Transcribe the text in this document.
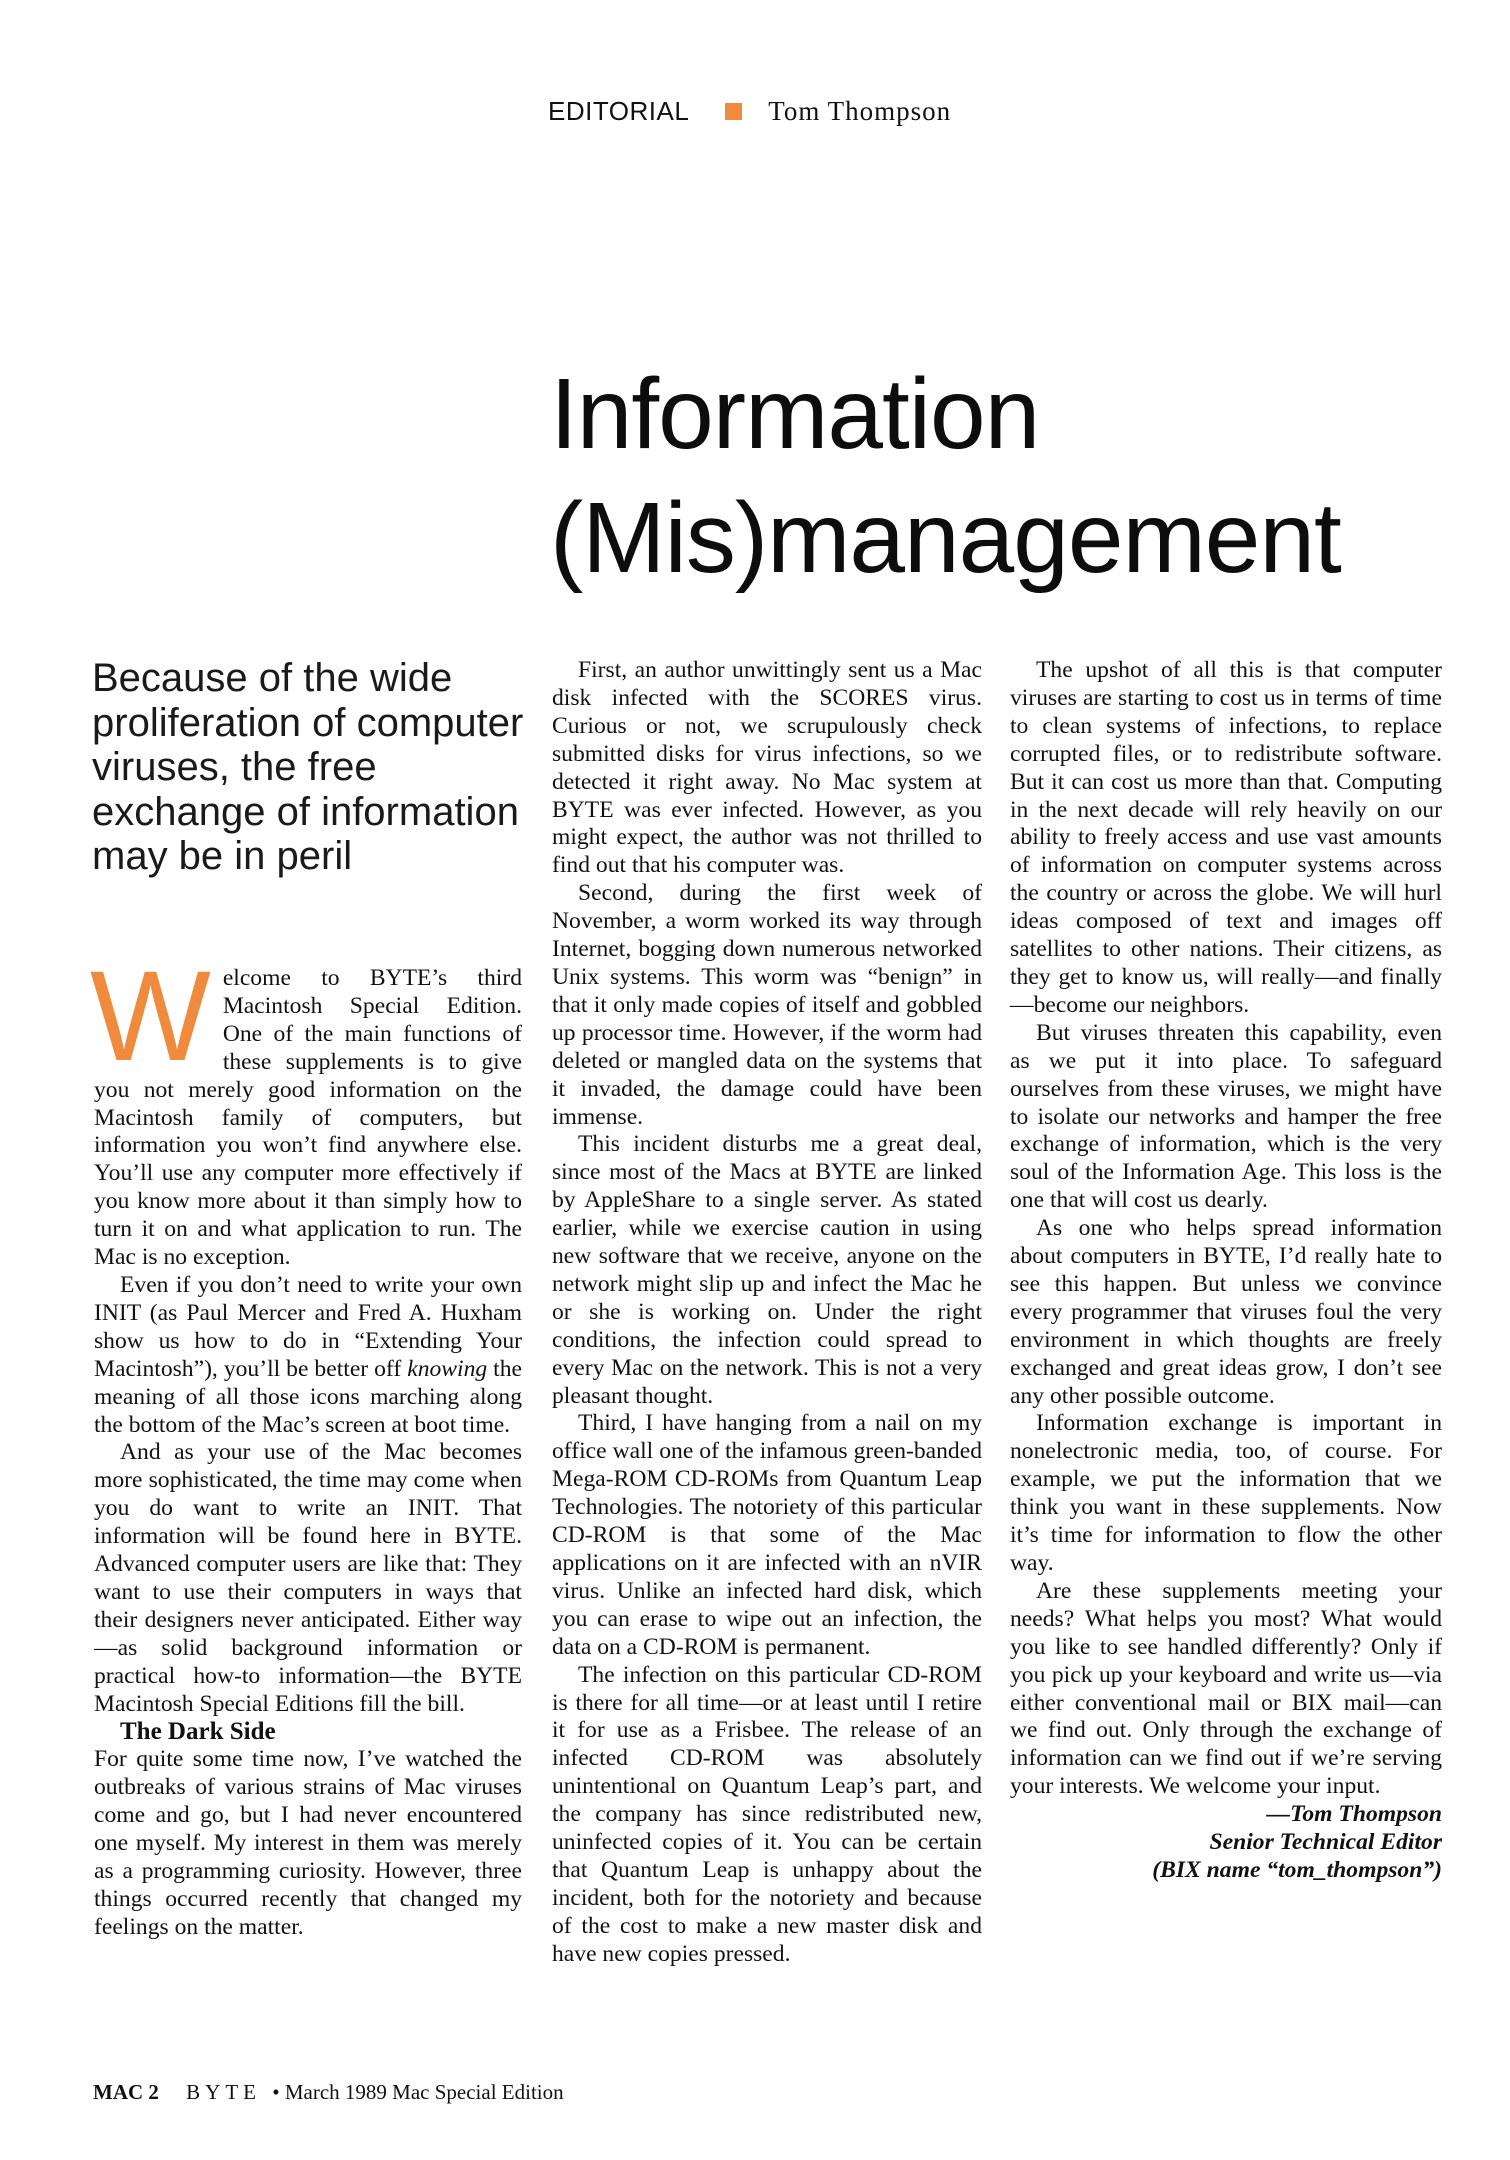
EDITORIAL	Tom Thompson
Information
(Mis)management

Because of the wide proliferation of computer viruses, the free exchange of information may be in peril

Welcome to BYTE’s third Macintosh Special Edition. One of the main functions of these supplements is to give you not merely good information on the Macintosh family of computers, but information you won’t find anywhere else. You’ll use any computer more effectively if you know more about it than simply how to turn it on and what application to run. The Mac is no exception.

Even if you don’t need to write your own INIT (as Paul Mercer and Fred A. Huxham show us how to do in “Extending Your Macintosh”), you’ll be better off knowing the meaning of all those icons marching along the bottom of the Mac’s screen at boot time.

And as your use of the Mac becomes more sophisticated, the time may come when you do want to write an INIT. That information will be found here in BYTE. Advanced computer users are like that: They want to use their computers in ways that their designers never anticipated. Either way—as solid background information or practical how-to information—the BYTE Macintosh Special Editions fill the bill.

The Dark Side

For quite some time now, I’ve watched the outbreaks of various strains of Mac viruses come and go, but I had never encountered one myself. My interest in them was merely as a programming curiosity. However, three things occurred recently that changed my feelings on the matter.

First, an author unwittingly sent us a Mac disk infected with the SCORES virus. Curious or not, we scrupulously check submitted disks for virus infections, so we detected it right away. No Mac system at BYTE was ever infected. However, as you might expect, the author was not thrilled to find out that his computer was.

Second, during the first week of November, a worm worked its way through Internet, bogging down numerous networked Unix systems. This worm was “benign” in that it only made copies of itself and gobbled up processor time. However, if the worm had deleted or mangled data on the systems that it invaded, the damage could have been immense.

This incident disturbs me a great deal, since most of the Macs at BYTE are linked by AppleShare to a single server. As stated earlier, while we exercise caution in using new software that we receive, anyone on the network might slip up and infect the Mac he or she is working on. Under the right conditions, the infection could spread to every Mac on the network. This is not a very pleasant thought.

Third, I have hanging from a nail on my office wall one of the infamous green-banded Mega-ROM CD-ROMs from Quantum Leap Technologies. The notoriety of this particular CD-ROM is that some of the Mac applications on it are infected with an nVIR virus. Unlike an infected hard disk, which you can erase to wipe out an infection, the data on a CD-ROM is permanent.

The infection on this particular CD-ROM is there for all time—or at least until I retire it for use as a Frisbee. The release of an infected CD-ROM was absolutely unintentional on Quantum Leap’s part, and the company has since redistributed new, uninfected copies of it. You can be certain that Quantum Leap is unhappy about the incident, both for the notoriety and because of the cost to make a new master disk and have new copies pressed.

The upshot of all this is that computer viruses are starting to cost us in terms of time to clean systems of infections, to replace corrupted files, or to redistribute software. But it can cost us more than that. Computing in the next decade will rely heavily on our ability to freely access and use vast amounts of information on computer systems across the country or across the globe. We will hurl ideas composed of text and images off satellites to other nations. Their citizens, as they get to know us, will really—and finally—become our neighbors.

But viruses threaten this capability, even as we put it into place. To safeguard ourselves from these viruses, we might have to isolate our networks and hamper the free exchange of information, which is the very soul of the Information Age. This loss is the one that will cost us dearly.

As one who helps spread information about computers in BYTE, I’d really hate to see this happen. But unless we convince every programmer that viruses foul the very environment in which thoughts are freely exchanged and great ideas grow, I don’t see any other possible outcome.

Information exchange is important in nonelectronic media, too, of course. For example, we put the information that we think you want in these supplements. Now it’s time for information to flow the other way.

Are these supplements meeting your needs? What helps you most? What would you like to see handled differently? Only if you pick up your keyboard and write us—via either conventional mail or BIX mail—can we find out. Only through the exchange of information can we find out if we’re serving your interests. We welcome your input.

—Tom Thompson

Senior Technical Editor

(BIX name “tom_thompson”)

MAC 2 BYTE • March 1989 Mac Special Edition
